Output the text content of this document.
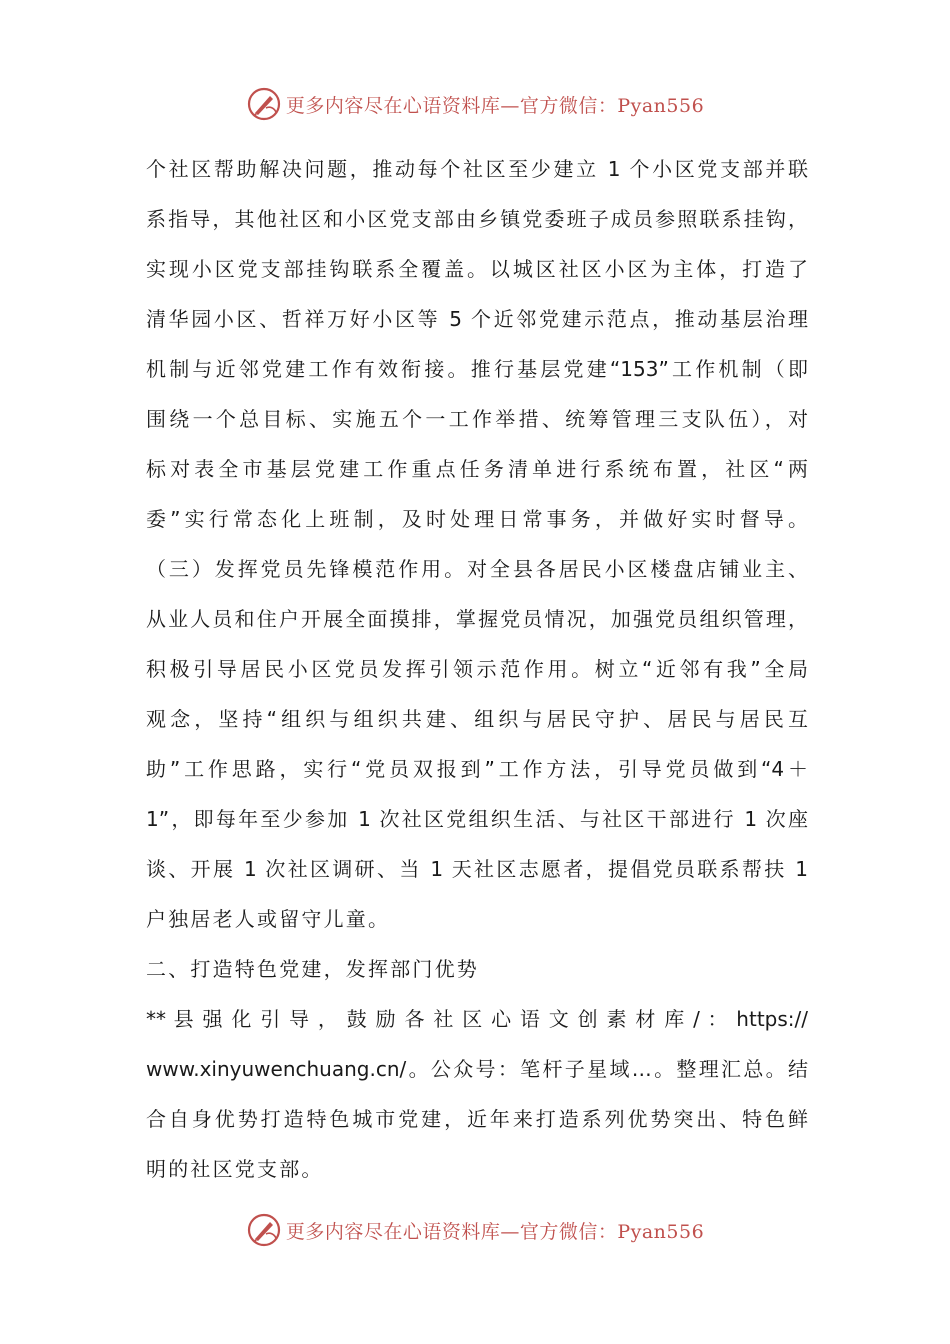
更多内容尽在心语资料库—官方微信：Pyan556
个社区帮助解决问题，推动每个社区至少建立 1 个小区党支部并联
系指导，其他社区和小区党支部由乡镇党委班子成员参照联系挂钩，
实现小区党支部挂钩联系全覆盖。以城区社区小区为主体，打造了
清华园小区、哲祥万好小区等 5 个近邻党建示范点，推动基层治理
机制与近邻党建工作有效衔接。推行基层党建“153”工作机制（即
围绕一个总目标、实施五个一工作举措、统筹管理三支队伍），对
标对表全市基层党建工作重点任务清单进行系统布置，社区“两
委”实行常态化上班制，及时处理日常事务，并做好实时督导。
（三）发挥党员先锋模范作用。对全县各居民小区楼盘店铺业主、
从业人员和住户开展全面摸排，掌握党员情况，加强党员组织管理，
积极引导居民小区党员发挥引领示范作用。树立“近邻有我”全局
观念，坚持“组织与组织共建、组织与居民守护、居民与居民互
助”工作思路，实行“党员双报到”工作方法，引导党员做到“4＋
1”，即每年至少参加 1 次社区党组织生活、与社区干部进行 1 次座
谈、开展 1 次社区调研、当 1 天社区志愿者，提倡党员联系帮扶 1
户独居老人或留守儿童。
二、打造特色党建，发挥部门优势
** 县 强 化 引 导 ， 鼓 励 各 社 区 心 语 文 创 素 材 库 / ： https://
www.xinyuwenchuang.cn/。公众号：笔杆子星域…。整理汇总。结
合自身优势打造特色城市党建，近年来打造系列优势突出、特色鲜
明的社区党支部。
更多内容尽在心语资料库—官方微信：Pyan556
